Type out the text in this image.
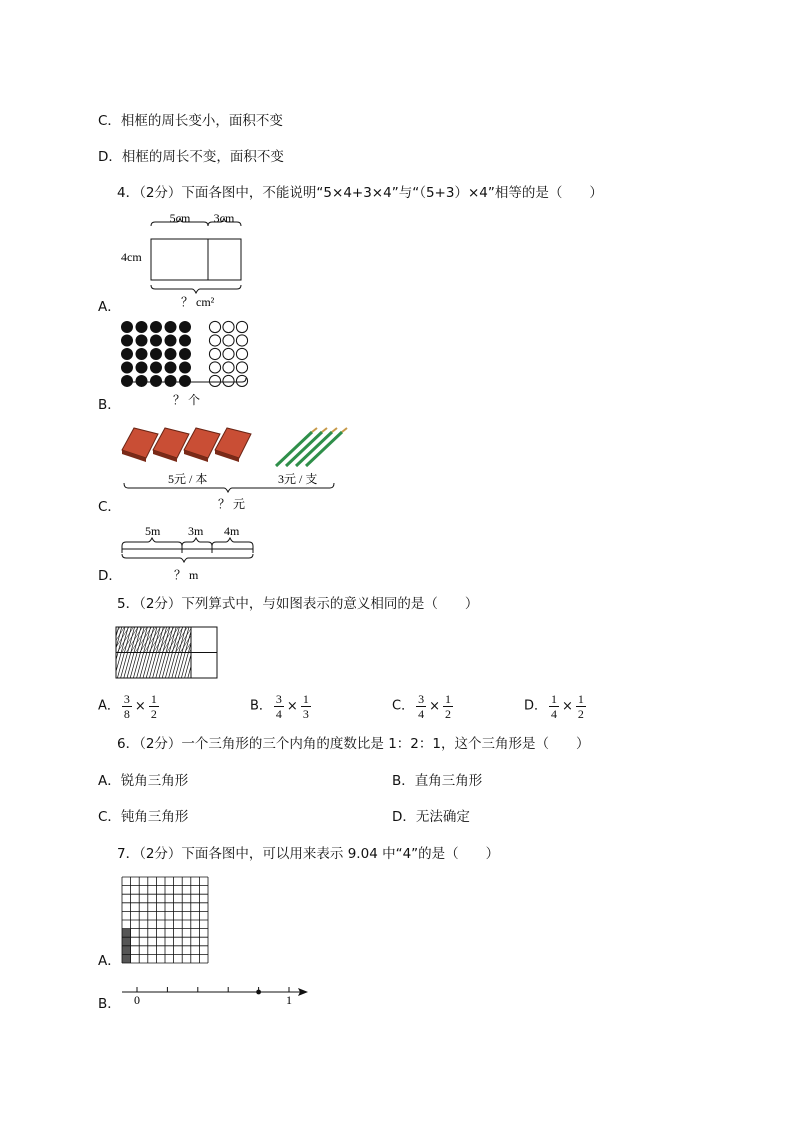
C．相框的周长变小，面积不变
D．相框的周长不变，面积不变
4．（2分）下面各图中，不能说明“5×4+3×4”与“（5+3）×4”相等的是（　　）
A．
5cm 3cm
4cm
？ cm²
B．	？ 个
C．
5元 / 本	3元 / 支
？ 元
D．
5m 3m 4m
？ m
5．（2分）下列算式中，与如图表示的意义相同的是（　　）
A． $\frac{3}{8} \times \frac{1}{2}$	B． $\frac{3}{4} \times \frac{1}{3}$	C． $\frac{3}{4} \times \frac{1}{2}$	D． $\frac{1}{4} \times \frac{1}{2}$
6．（2分）一个三角形的三个内角的度数比是 1：2：1，这个三角形是（　　）
A．锐角三角形	B．直角三角形
C．钝角三角形	D．无法确定
7．（2分）下面各图中，可以用来表示 9.04 中“4”的是（　　）
A．
B． 0	1
